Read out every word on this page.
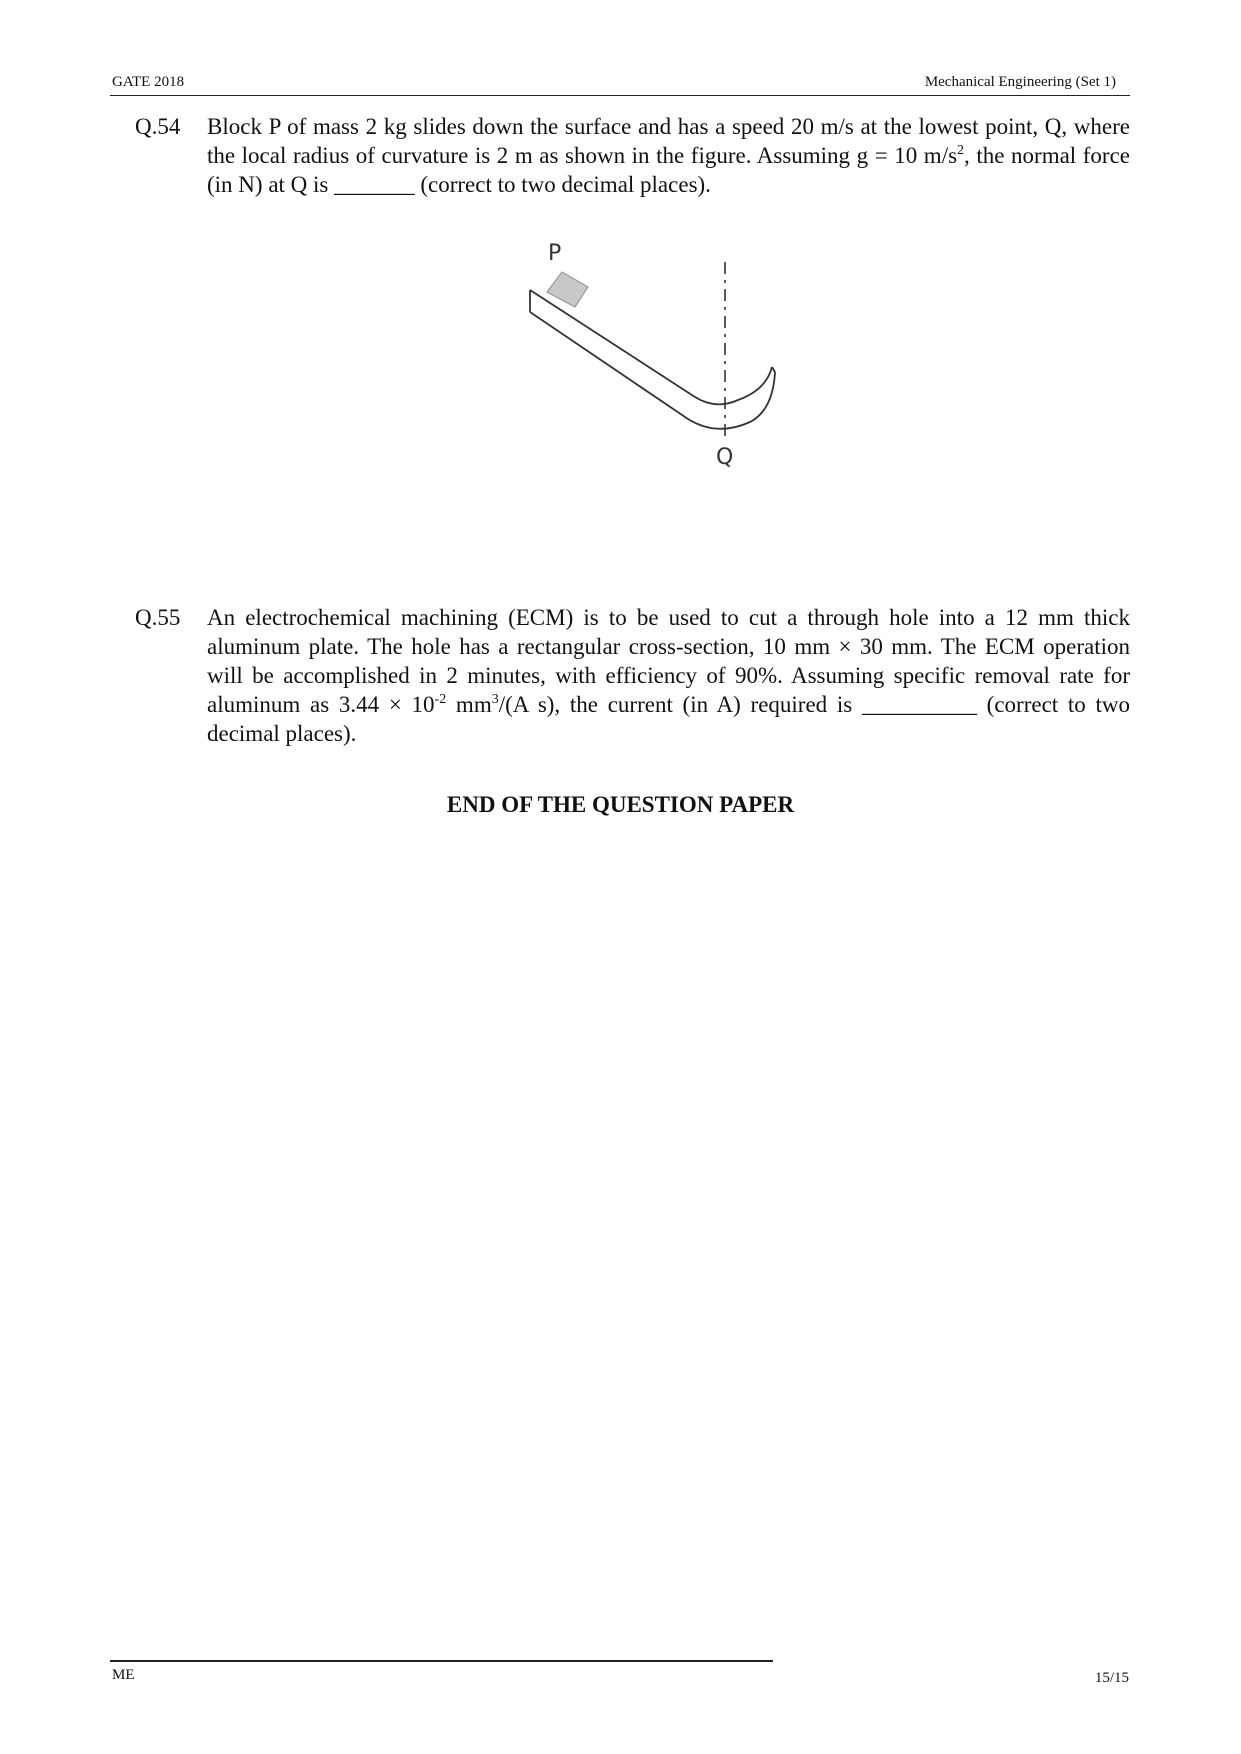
GATE 2018	Mechanical Engineering (Set 1)
Q.54 Block P of mass 2 kg slides down the surface and has a speed 20 m/s at the lowest point, Q, where the local radius of curvature is 2 m as shown in the figure. Assuming g = 10 $m/s^2$, the normal force (in N) at Q is _______ (correct to two decimal places).
P
Q
Q.55 An electrochemical machining (ECM) is to be used to cut a through hole into a 12 mm thick aluminum plate. The hole has a rectangular cross-section, 10 mm × 30 mm. The ECM operation will be accomplished in 2 minutes, with efficiency of 90%. Assuming specific removal rate for aluminum as $3.44 \times 10^{-2}$ $mm^3/(A$ s), the current (in A) required is __________ (correct to two decimal places).
END OF THE QUESTION PAPER
ME	15/15
